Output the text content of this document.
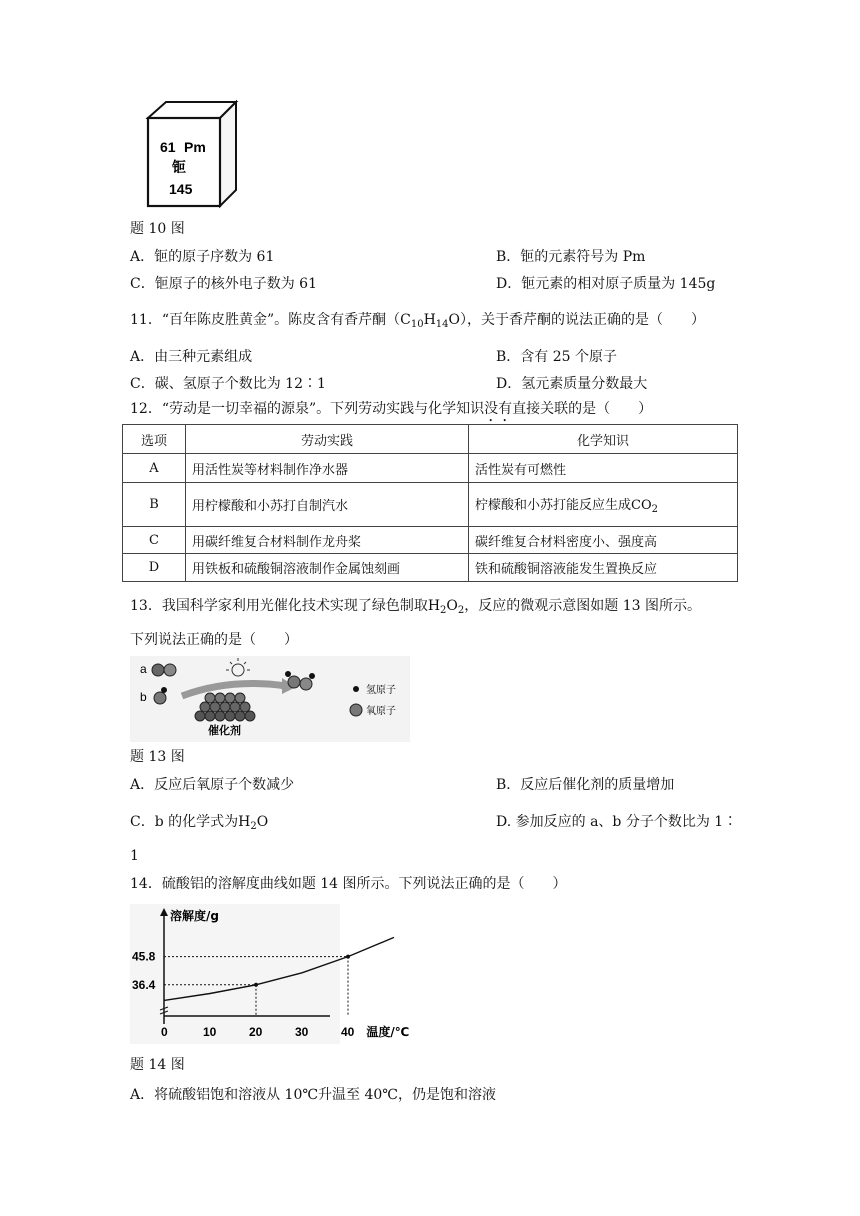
61 Pm
钷
145
题 10 图
A．钷的原子序数为 61	B．钷的元素符号为 Pm
C．钷原子的核外电子数为 61	D．钷元素的相对原子质量为 145g
11．“百年陈皮胜黄金”。陈皮含有香芹酮$(C_{10}H_{14}O)$，关于香芹酮的说法正确的是（　　）
A．由三种元素组成	B．含有 25 个原子
C．碳、氢原子个数比为 12∶1	D．氢元素质量分数最大
12．“劳动是一切幸福的源泉”。下列劳动实践与化学知识没有直接关联的是（　　）
选项	劳动实践	化学知识
A	用活性炭等材料制作净水器	活性炭有可燃性
B	用柠檬酸和小苏打自制汽水	柠檬酸和小苏打能反应生成$CO_2$
C	用碳纤维复合材料制作龙舟桨	碳纤维复合材料密度小、强度高
D	用铁板和硫酸铜溶液制作金属蚀刻画	铁和硫酸铜溶液能发生置换反应
13．我国科学家利用光催化技术实现了绿色制取$H_2O_2$，反应的微观示意图如题 13 图所示。
下列说法正确的是（　　）
a
b
催化剂
氢原子
氧原子
题 13 图
A．反应后氧原子个数减少	B．反应后催化剂的质量增加
C．b 的化学式为$H_2O$	D. 参加反应的 a、b 分子个数比为 1∶
1
14．硫酸铝的溶解度曲线如题 14 图所示。下列说法正确的是（　　）
溶解度/g
0	10	20	30	40 温度/℃
36.4
45.8
题 14 图
A．将硫酸铝饱和溶液从 10℃升温至 40℃，仍是饱和溶液
